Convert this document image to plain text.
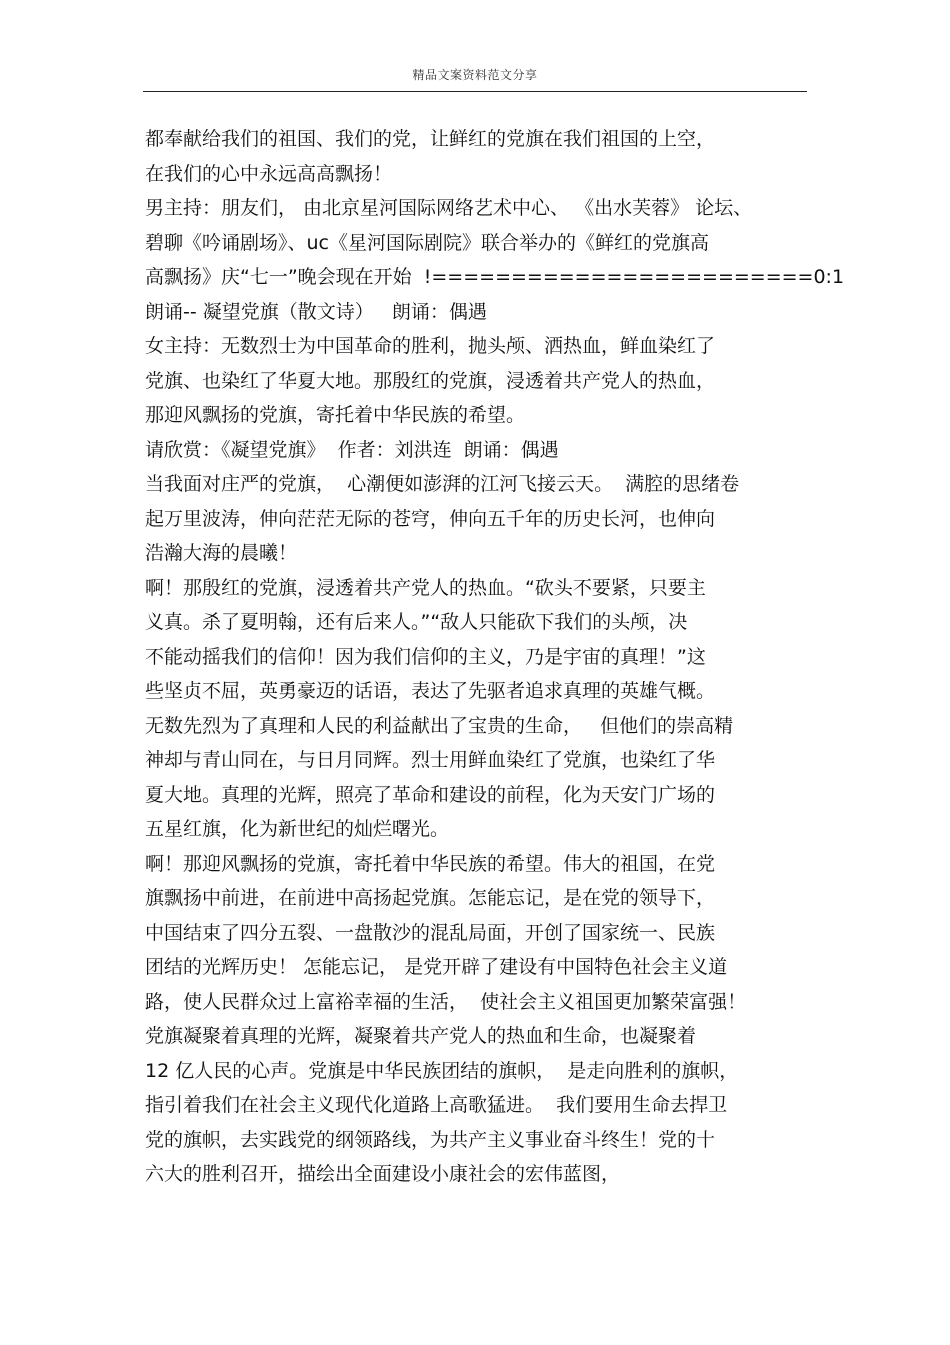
精品文案资料范文分享
都奉献给我们的祖国、我们的党，让鲜红的党旗在我们祖国的上空，
在我们的心中永远高高飘扬！
男主持：朋友们， 由北京星河国际网络艺术中心、 《出水芙蓉》 论坛、
碧聊《吟诵剧场》、uc《星河国际剧院》联合举办的《鲜红的党旗高
高飘扬》庆“七一”晚会现在开始  !========================0:1
朗诵-- 凝望党旗（散文诗）   朗诵：偶遇
女主持：无数烈士为中国革命的胜利，抛头颅、洒热血，鲜血染红了
党旗、也染红了华夏大地。那殷红的党旗，浸透着共产党人的热血，
那迎风飘扬的党旗，寄托着中华民族的希望。
请欣赏：《凝望党旗》  作者：刘洪连  朗诵：偶遇
当我面对庄严的党旗，  心潮便如澎湃的江河飞接云天。  满腔的思绪卷
起万里波涛，伸向茫茫无际的苍穹，伸向五千年的历史长河，也伸向
浩瀚大海的晨曦！
啊！那殷红的党旗，浸透着共产党人的热血。“砍头不要紧，只要主
义真。杀了夏明翰，还有后来人。”“敌人只能砍下我们的头颅，决
不能动摇我们的信仰！因为我们信仰的主义，乃是宇宙的真理！”这
些坚贞不屈，英勇豪迈的话语，表达了先驱者追求真理的英雄气概。
无数先烈为了真理和人民的利益献出了宝贵的生命，   但他们的崇高精
神却与青山同在，与日月同辉。烈士用鲜血染红了党旗，也染红了华
夏大地。真理的光辉，照亮了革命和建设的前程，化为天安门广场的
五星红旗，化为新世纪的灿烂曙光。
啊！那迎风飘扬的党旗，寄托着中华民族的希望。伟大的祖国，在党
旗飘扬中前进，在前进中高扬起党旗。怎能忘记，是在党的领导下，
中国结束了四分五裂、一盘散沙的混乱局面，开创了国家统一、民族
团结的光辉历史！ 怎能忘记， 是党开辟了建设有中国特色社会主义道
路，使人民群众过上富裕幸福的生活，  使社会主义祖国更加繁荣富强！
党旗凝聚着真理的光辉，凝聚着共产党人的热血和生命，也凝聚着
12 亿人民的心声。党旗是中华民族团结的旗帜，  是走向胜利的旗帜，
指引着我们在社会主义现代化道路上高歌猛进。  我们要用生命去捍卫
党的旗帜，去实践党的纲领路线，为共产主义事业奋斗终生！党的十
六大的胜利召开，描绘出全面建设小康社会的宏伟蓝图，
